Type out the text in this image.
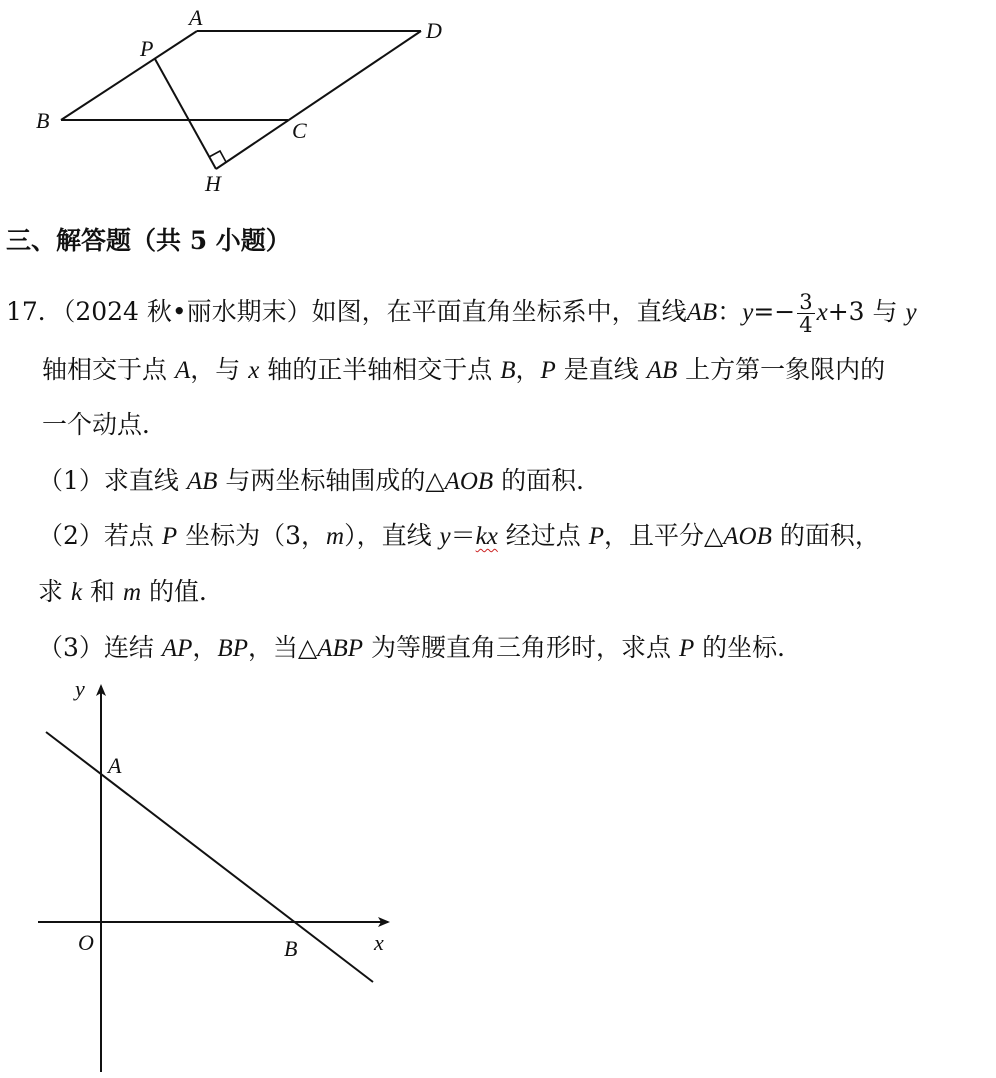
A
D
P
B	C
H
三、解答题（共 5 小题）
17．（2024 秋•丽水期末）如图，在平面直角坐标系中，直线AB：$y=- \frac{3}{4} x+3$ 与 y
轴相交于点 A，与 x 轴的正半轴相交于点 B，P 是直线 AB 上方第一象限内的
一个动点．
（1）求直线 AB 与两坐标轴围成的△AOB 的面积．
（2）若点 P 坐标为（3，m），直线 y＝kx 经过点 P，且平分△AOB 的面积，
求 k 和 m 的值．
（3）连结 AP，BP，当△ABP 为等腰直角三角形时，求点 P 的坐标．
y
A
O	B	x
